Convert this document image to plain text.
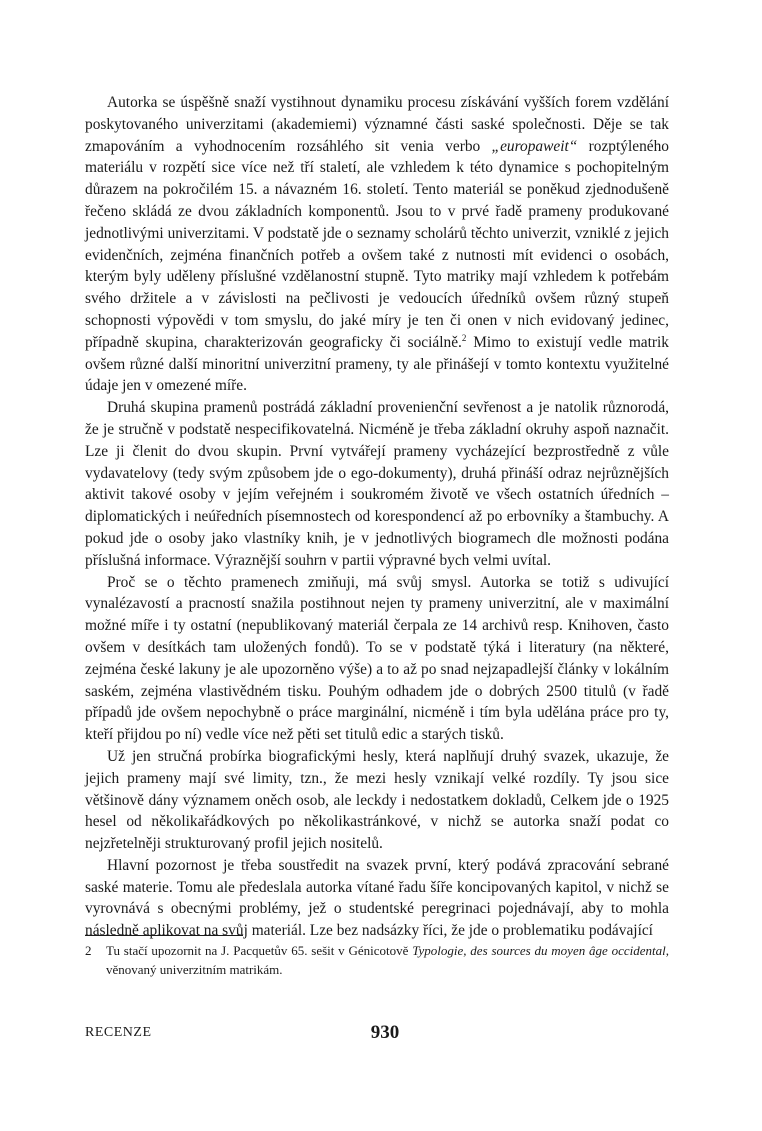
Autorka se úspěšně snaží vystihnout dynamiku procesu získávání vyšších forem vzdělání poskytovaného univerzitami (akademiemi) významné části saské společnosti. Děje se tak zmapováním a vyhodnocením rozsáhlého sit venia verbo „europaweit“ rozptýleného materiálu v rozpětí sice více než tří staletí, ale vzhledem k této dynamice s pochopitelným důrazem na pokročilém 15. a návazném 16. století. Tento materiál se poněkud zjednodušeně řečeno skládá ze dvou základních komponentů. Jsou to v prvé řadě prameny produkované jednotlivými univerzitami. V podstatě jde o seznamy scholárů těchto univerzit, vzniklé z jejich evidenčních, zejména finančních potřeb a ovšem také z nutnosti mít evidenci o osobách, kterým byly uděleny příslušné vzdělanostní stupně. Tyto matriky mají vzhledem k potřebám svého držitele a v závislosti na pečlivosti je vedoucích úředníků ovšem různý stupeň schopnosti výpovědi v tom smyslu, do jaké míry je ten či onen v nich evidovaný jedinec, případně skupina, charakterizován geograficky či sociálně.$^2$ Mimo to existují vedle matrik ovšem různé další minoritní univerzitní prameny, ty ale přinášejí v tomto kontextu využitelné údaje jen v omezené míře.

Druhá skupina pramenů postrádá základní provenienční sevřenost a je natolik různorodá, že je stručně v podstatě nespecifikovatelná. Nicméně je třeba základní okruhy aspoň naznačit. Lze ji členit do dvou skupin. První vytvářejí prameny vycházející bezprostředně z vůle vydavatelovy (tedy svým způsobem jde o ego-dokumenty), druhá přináší odraz nejrůznějších aktivit takové osoby v jejím veřejném i soukromém životě ve všech ostatních úředních – diplomatických i neúředních písemnostech od korespondencí až po erbovníky a štambuchy. A pokud jde o osoby jako vlastníky knih, je v jednotlivých biogramech dle možnosti podána příslušná informace. Výraznější souhrn v partii výpravné bych velmi uvítal.

Proč se o těchto pramenech zmiňuji, má svůj smysl. Autorka se totiž s udivující vynalézavostí a pracností snažila postihnout nejen ty prameny univerzitní, ale v maximální možné míře i ty ostatní (nepublikovaný materiál čerpala ze 14 archivů resp. Knihoven, často ovšem v desítkách tam uložených fondů). To se v podstatě týká i literatury (na některé, zejména české lakuny je ale upozorněno výše) a to až po snad nejzapadlejší články v lokálním saském, zejména vlastivědném tisku. Pouhým odhadem jde o dobrých 2500 titulů (v řadě případů jde ovšem nepochybně o práce marginální, nicméně i tím byla udělána práce pro ty, kteří přijdou po ní) vedle více než pěti set titulů edic a starých tisků.

Už jen stručná probírka biografickými hesly, která naplňují druhý svazek, ukazuje, že jejich prameny mají své limity, tzn., že mezi hesly vznikají velké rozdíly. Ty jsou sice většinově dány významem oněch osob, ale leckdy i nedostatkem dokladů, Celkem jde o 1925 hesel od několikařádkových po několikastránkové, v nichž se autorka snaží podat co nejzřetelněji strukturovaný profil jejich nositelů.

Hlavní pozornost je třeba soustředit na svazek první, který podává zpracování sebrané saské materie. Tomu ale předeslala autorka vítané řadu šíře koncipovaných kapitol, v nichž se vyrovnává s obecnými problémy, jež o studentské peregrinaci pojednávají, aby to mohla následně aplikovat na svůj materiál. Lze bez nadsázky říci, že jde o problematiku podávající

2 Tu stačí upozornit na J. Pacquetův 65. sešit v Génicotově Typologie, des sources du moyen âge occidental, věnovaný univerzitním matrikám.

RECENZE	930
